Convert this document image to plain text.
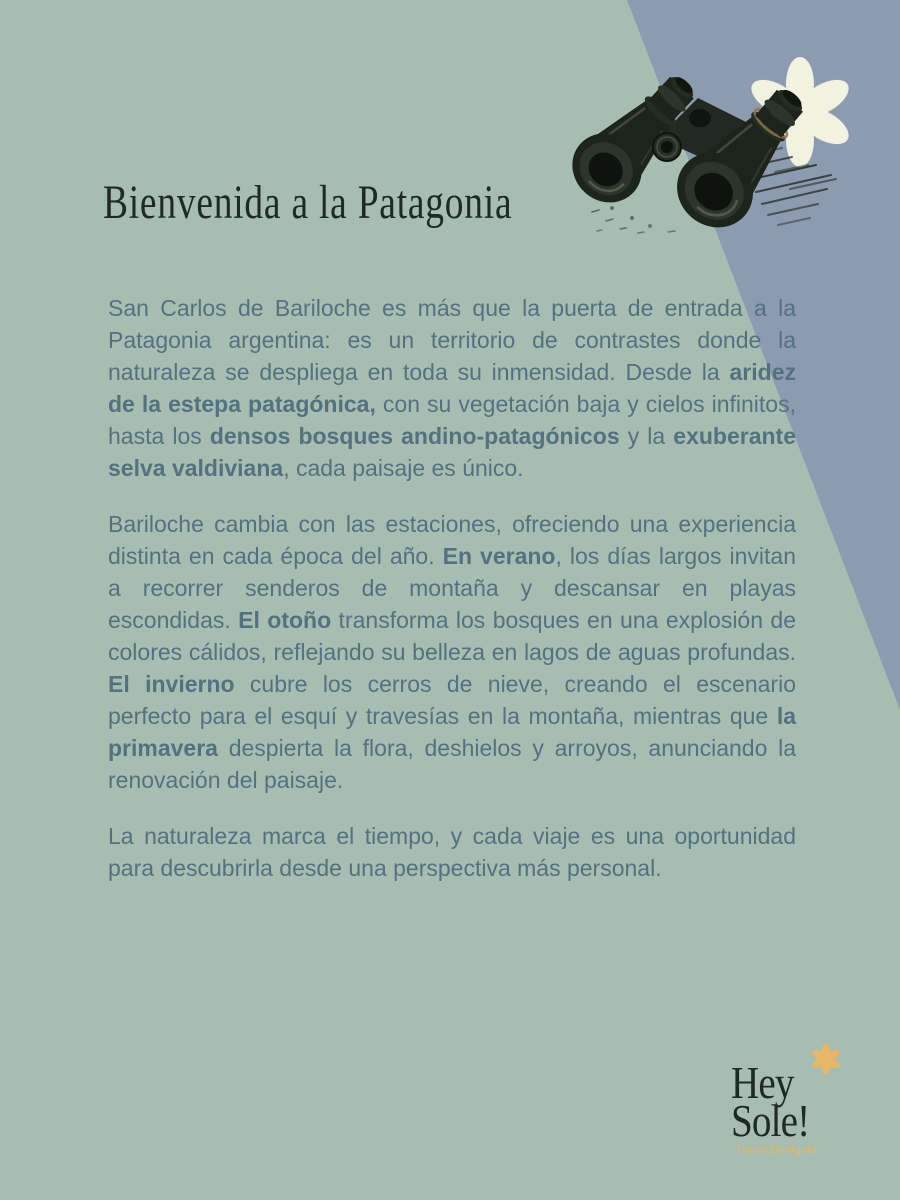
Bienvenida a la Patagonia

San Carlos de Bariloche es más que la puerta de entrada a la Patagonia argentina: es un territorio de contrastes donde la naturaleza se despliega en toda su inmensidad. Desde la aridez de la estepa patagónica, con su vegetación baja y cielos infinitos, hasta los densos bosques andino-patagónicos y la exuberante selva valdiviana, cada paisaje es único.

Bariloche cambia con las estaciones, ofreciendo una experiencia distinta en cada época del año. En verano, los días largos invitan a recorrer senderos de montaña y descansar en playas escondidas. El otoño transforma los bosques en una explosión de colores cálidos, reflejando su belleza en lagos de aguas profundas. El invierno cubre los cerros de nieve, creando el escenario perfecto para el esquí y travesías en la montaña, mientras que la primavera despierta la flora, deshielos y arroyos, anunciando la renovación del paisaje.

La naturaleza marca el tiempo, y cada viaje es una oportunidad para descubrirla desde una perspectiva más personal.

Hey
Sole!
Travel Designer
